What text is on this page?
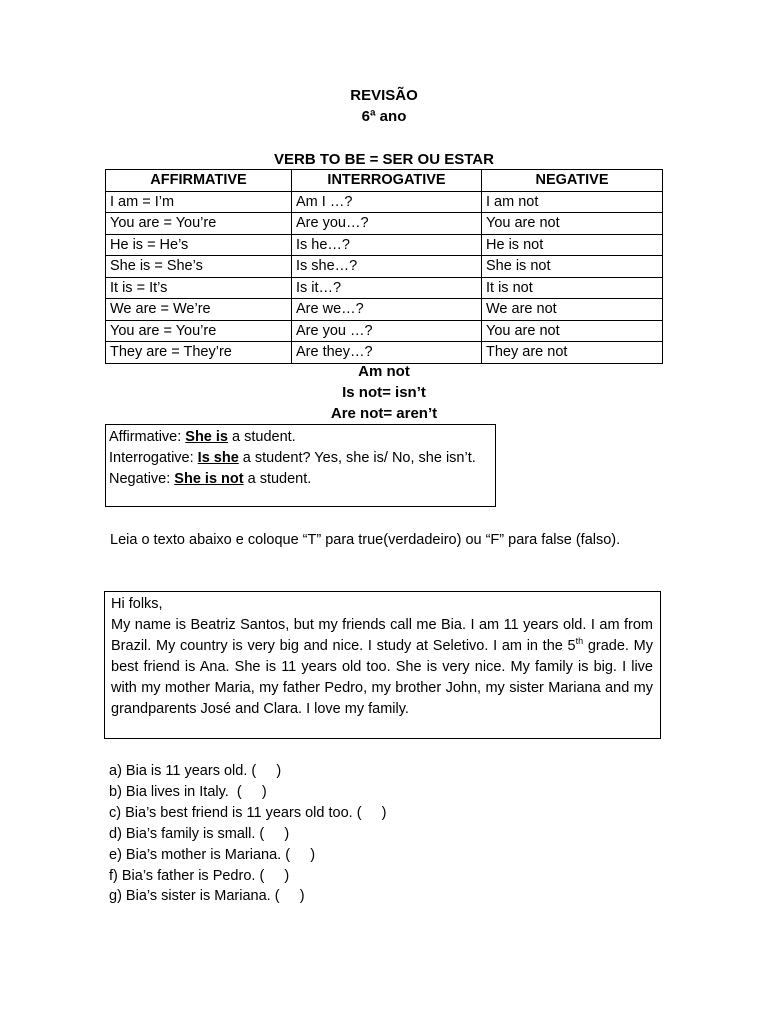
REVISÃO
6ª ano
VERB TO BE = SER OU ESTAR
AFFIRMATIVE	INTERROGATIVE	NEGATIVE
I am = I’m	Am I …?	I am not
You are = You’re	Are you…?	You are not
He is = He’s	Is he…?	He is not
She is = She’s	Is she…?	She is not
It is = It’s	Is it…?	It is not
We are = We’re	Are we…?	We are not
You are = You’re	Are you …?	You are not
They are = They’re	Are they…?	They are not
Am not
Is not= isn’t
Are not= aren’t
Affirmative: She is a student.
Interrogative: Is she a student? Yes, she is/ No, she isn’t.
Negative: She is not a student.
Leia o texto abaixo e coloque “T” para true(verdadeiro) ou “F” para false (falso).
Hi folks,
My name is Beatriz Santos, but my friends call me Bia. I am 11 years old. I am from Brazil. My country is very big and nice. I study at Seletivo. I am in the 5th grade. My best friend is Ana. She is 11 years old too. She is very nice. My family is big. I live with my mother Maria, my father Pedro, my brother John, my sister Mariana and my grandparents José and Clara. I love my family.
a) Bia is 11 years old. (     )
b) Bia lives in Italy.  (     )
c) Bia’s best friend is 11 years old too. (     )
d) Bia’s family is small. (     )
e) Bia’s mother is Mariana. (     )
f) Bia’s father is Pedro. (     )
g) Bia’s sister is Mariana. (     )
